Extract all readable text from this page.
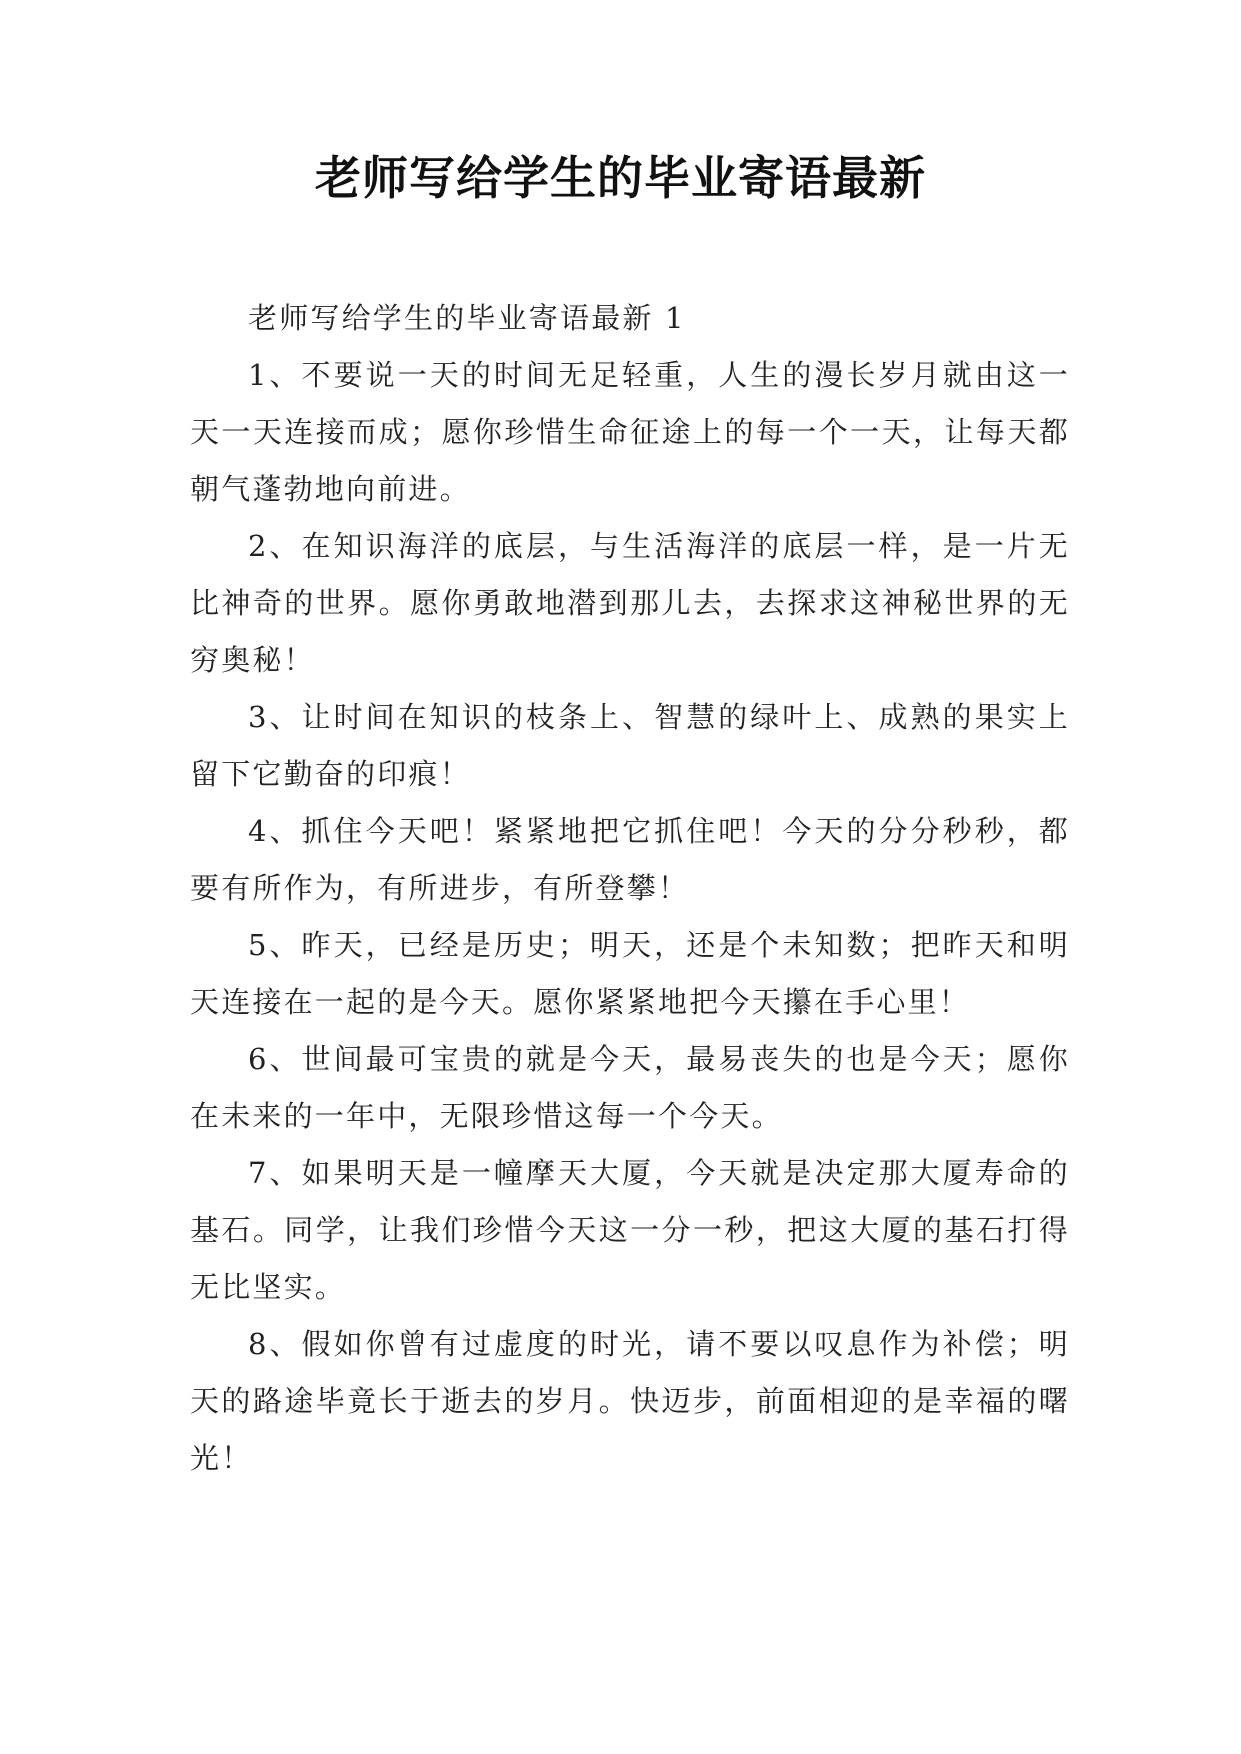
老师写给学生的毕业寄语最新

老师写给学生的毕业寄语最新 1

1、不要说一天的时间无足轻重，人生的漫长岁月就由这一天一天连接而成；愿你珍惜生命征途上的每一个一天，让每天都朝气蓬勃地向前进。

2、在知识海洋的底层，与生活海洋的底层一样，是一片无比神奇的世界。愿你勇敢地潜到那儿去，去探求这神秘世界的无穷奥秘！

3、让时间在知识的枝条上、智慧的绿叶上、成熟的果实上留下它勤奋的印痕！

4、抓住今天吧！紧紧地把它抓住吧！今天的分分秒秒，都要有所作为，有所进步，有所登攀！

5、昨天，已经是历史；明天，还是个未知数；把昨天和明天连接在一起的是今天。愿你紧紧地把今天攥在手心里！

6、世间最可宝贵的就是今天，最易丧失的也是今天；愿你在未来的一年中，无限珍惜这每一个今天。

7、如果明天是一幢摩天大厦，今天就是决定那大厦寿命的基石。同学，让我们珍惜今天这一分一秒，把这大厦的基石打得无比坚实。

8、假如你曾有过虚度的时光，请不要以叹息作为补偿；明天的路途毕竟长于逝去的岁月。快迈步，前面相迎的是幸福的曙光！
